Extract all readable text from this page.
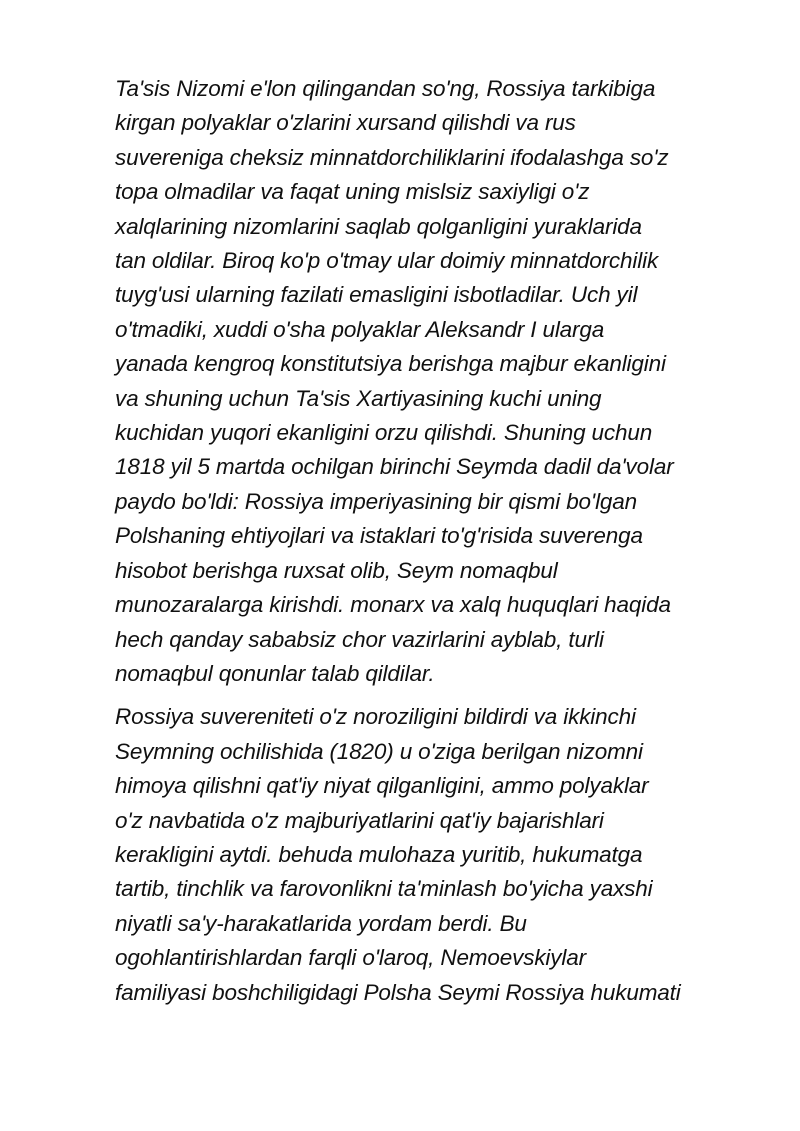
Ta'sis Nizomi e'lon qilingandan so'ng, Rossiya tarkibiga
kirgan polyaklar o'zlarini xursand qilishdi va rus
suvereniga cheksiz minnatdorchiliklarini ifodalashga so'z
topa olmadilar va faqat uning mislsiz saxiyligi o'z
xalqlarining nizomlarini saqlab qolganligini yuraklarida
tan oldilar. Biroq ko'p o'tmay ular doimiy minnatdorchilik
tuyg'usi ularning fazilati emasligini isbotladilar. Uch yil
o'tmadiki, xuddi o'sha polyaklar Aleksandr I ularga
yanada kengroq konstitutsiya berishga majbur ekanligini
va shuning uchun Ta'sis Xartiyasining kuchi uning
kuchidan yuqori ekanligini orzu qilishdi. Shuning uchun
1818 yil 5 martda ochilgan birinchi Seymda dadil da'volar
paydo bo'ldi: Rossiya imperiyasining bir qismi bo'lgan
Polshaning ehtiyojlari va istaklari to'g'risida suverenga
hisobot berishga ruxsat olib, Seym nomaqbul
munozaralarga kirishdi. monarx va xalq huquqlari haqida
hech qanday sababsiz chor vazirlarini ayblab, turli
nomaqbul qonunlar talab qildilar.

Rossiya suvereniteti o'z noroziligini bildirdi va ikkinchi
Seymning ochilishida (1820) u o'ziga berilgan nizomni
himoya qilishni qat'iy niyat qilganligini, ammo polyaklar
o'z navbatida o'z majburiyatlarini qat'iy bajarishlari
kerakligini aytdi. behuda mulohaza yuritib, hukumatga
tartib, tinchlik va farovonlikni ta'minlash bo'yicha yaxshi
niyatli sa'y-harakatlarida yordam berdi. Bu
ogohlantirishlardan farqli o'laroq, Nemoevskiylar
familiyasi boshchiligidagi Polsha Seymi Rossiya hukumati
